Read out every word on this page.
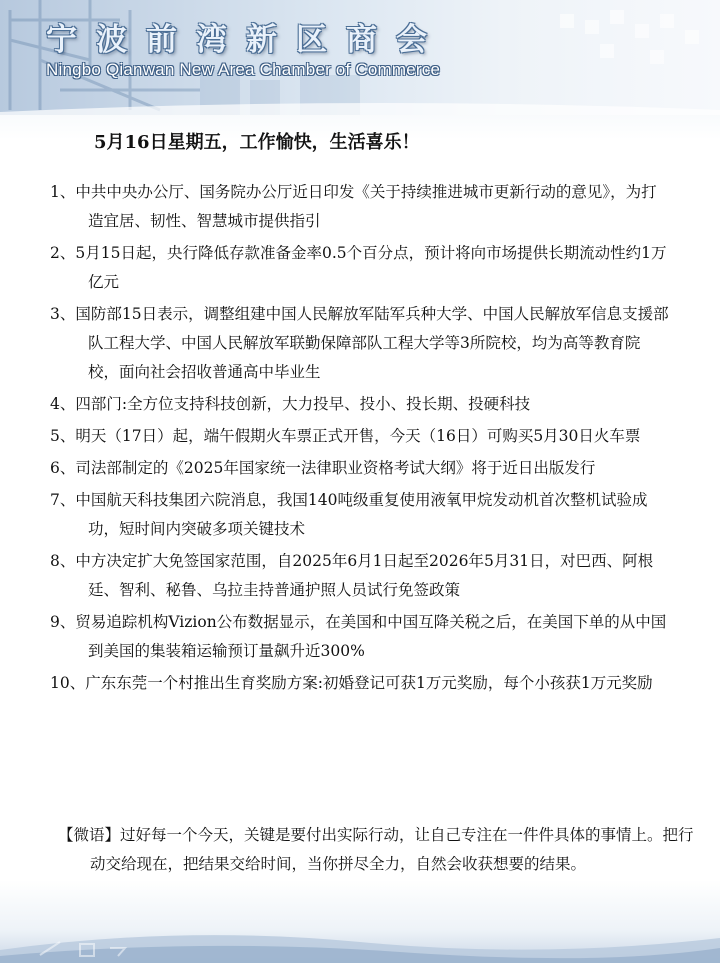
宁波前湾新区商会
Ningbo Qianwan New Area Chamber of Commerce
5月16日星期五，工作愉快，生活喜乐！
1、中共中央办公厅、国务院办公厅近日印发《关于持续推进城市更新行动的意见》，为打造宜居、韧性、智慧城市提供指引
2、5月15日起，央行降低存款准备金率0.5个百分点，预计将向市场提供长期流动性约1万亿元
3、国防部15日表示，调整组建中国人民解放军陆军兵种大学、中国人民解放军信息支援部队工程大学、中国人民解放军联勤保障部队工程大学等3所院校，均为高等教育院校，面向社会招收普通高中毕业生
4、四部门:全方位支持科技创新，大力投早、投小、投长期、投硬科技
5、明天（17日）起，端午假期火车票正式开售，今天（16日）可购买5月30日火车票
6、司法部制定的《2025年国家统一法律职业资格考试大纲》将于近日出版发行
7、中国航天科技集团六院消息，我国140吨级重复使用液氧甲烷发动机首次整机试验成功，短时间内突破多项关键技术
8、中方决定扩大免签国家范围，自2025年6月1日起至2026年5月31日，对巴西、阿根廷、智利、秘鲁、乌拉圭持普通护照人员试行免签政策
9、贸易追踪机构Vizion公布数据显示，在美国和中国互降关税之后，在美国下单的从中国到美国的集装箱运输预订量飙升近300%
10、广东东莞一个村推出生育奖励方案:初婚登记可获1万元奖励，每个小孩获1万元奖励
【微语】过好每一个今天，关键是要付出实际行动，让自己专注在一件件具体的事情上。把行动交给现在，把结果交给时间，当你拼尽全力，自然会收获想要的结果。
